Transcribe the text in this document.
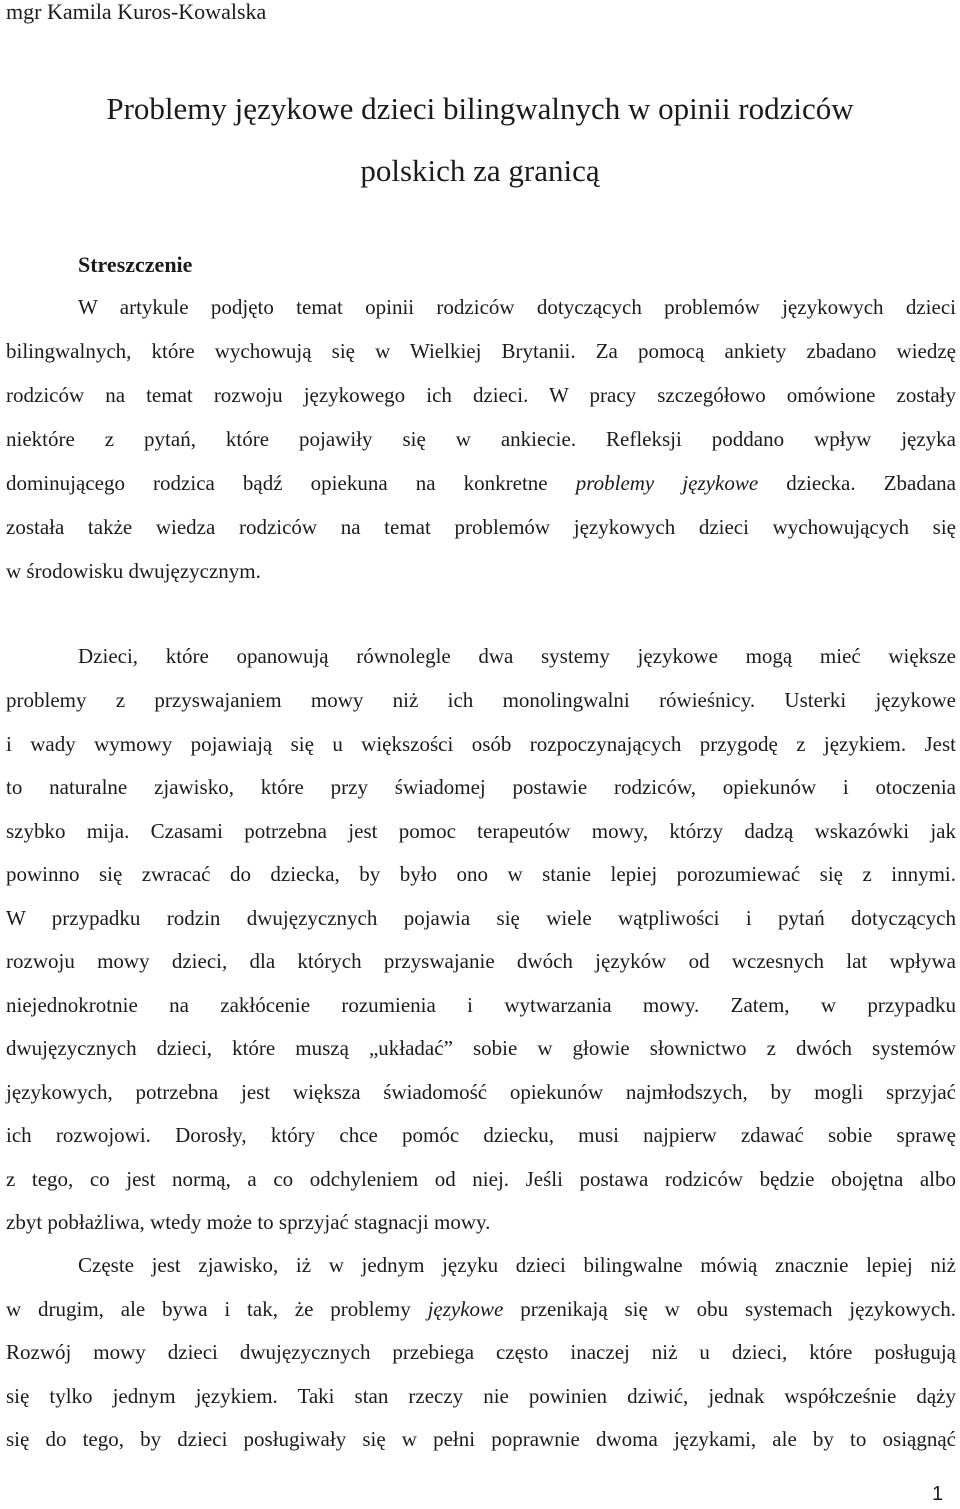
mgr Kamila Kuros-Kowalska
Problemy językowe dzieci bilingwalnych w opinii rodziców
polskich za granicą
Streszczenie
W artykule podjęto temat opinii rodziców dotyczących problemów językowych dzieci
bilingwalnych, które wychowują się w Wielkiej Brytanii. Za pomocą ankiety zbadano wiedzę
rodziców na temat rozwoju językowego ich dzieci. W pracy szczegółowo omówione zostały
niektóre z pytań, które pojawiły się w ankiecie. Refleksji poddano wpływ języka
dominującego rodzica bądź opiekuna na konkretne problemy językowe dziecka. Zbadana
została także wiedza rodziców na temat problemów językowych dzieci wychowujących się
w środowisku dwujęzycznym.
Dzieci, które opanowują równolegle dwa systemy językowe mogą mieć większe
problemy z przyswajaniem mowy niż ich monolingwalni rówieśnicy. Usterki językowe
i wady wymowy pojawiają się u większości osób rozpoczynających przygodę z językiem. Jest
to naturalne zjawisko, które przy świadomej postawie rodziców, opiekunów i otoczenia
szybko mija. Czasami potrzebna jest pomoc terapeutów mowy, którzy dadzą wskazówki jak
powinno się zwracać do dziecka, by było ono w stanie lepiej porozumiewać się z innymi.
W przypadku rodzin dwujęzycznych pojawia się wiele wątpliwości i pytań dotyczących
rozwoju mowy dzieci, dla których przyswajanie dwóch języków od wczesnych lat wpływa
niejednokrotnie na zakłócenie rozumienia i wytwarzania mowy. Zatem, w przypadku
dwujęzycznych dzieci, które muszą „układać” sobie w głowie słownictwo z dwóch systemów
językowych, potrzebna jest większa świadomość opiekunów najmłodszych, by mogli sprzyjać
ich rozwojowi. Dorosły, który chce pomóc dziecku, musi najpierw zdawać sobie sprawę
z tego, co jest normą, a co odchyleniem od niej. Jeśli postawa rodziców będzie obojętna albo
zbyt pobłażliwa, wtedy może to sprzyjać stagnacji mowy.
Częste jest zjawisko, iż w jednym języku dzieci bilingwalne mówią znacznie lepiej niż
w drugim, ale bywa i tak, że problemy językowe przenikają się w obu systemach językowych.
Rozwój mowy dzieci dwujęzycznych przebiega często inaczej niż u dzieci, które posługują
się tylko jednym językiem. Taki stan rzeczy nie powinien dziwić, jednak współcześnie dąży
się do tego, by dzieci posługiwały się w pełni poprawnie dwoma językami, ale by to osiągnąć
1
